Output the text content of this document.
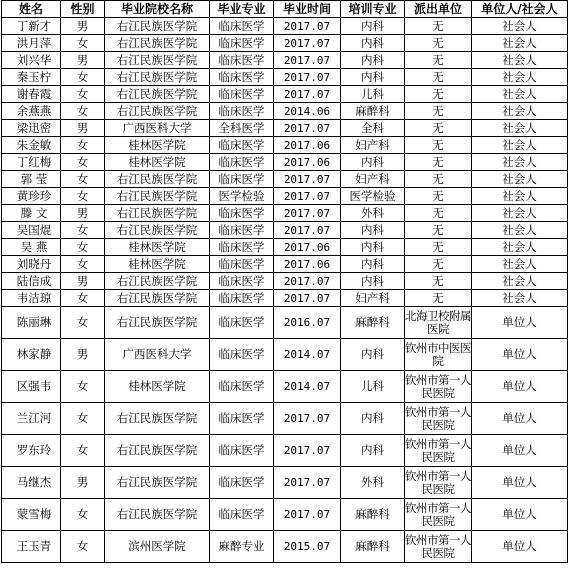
姓名	性别	毕业院校名称	毕业专业	毕业时间	培训专业	派出单位	单位人/社会人
丁新才	男	右江民族医学院	临床医学	2017.07	内科	无	社会人
洪月萍	女	右江民族医学院	临床医学	2017.07	内科	无	社会人
刘兴华	男	右江民族医学院	临床医学	2017.07	内科	无	社会人
秦玉柠	女	右江民族医学院	临床医学	2017.07	内科	无	社会人
谢春霞	女	右江民族医学院	临床医学	2017.07	儿科	无	社会人
余燕燕	女	右江民族医学院	临床医学	2014.06	麻醉科	无	社会人
梁迅密	男	广西医科大学	全科医学	2017.07	全科	无	社会人
朱金敏	女	桂林医学院	临床医学	2017.06	妇产科	无	社会人
丁红梅	女	桂林医学院	临床医学	2017.06	内科	无	社会人
郭 莹	女	右江民族医学院	临床医学	2017.07	妇产科	无	社会人
黄珍珍	女	右江民族医学院	医学检验	2017.07	医学检验	无	社会人
滕 文	男	右江民族医学院	临床医学	2017.07	外科	无	社会人
吴国焜	女	右江民族医学院	临床医学	2017.07	内科	无	社会人
吴 燕	女	桂林医学院	临床医学	2017.06	内科	无	社会人
刘晓丹	女	桂林医学院	临床医学	2017.06	内科	无	社会人
陆信成	男	右江民族医学院	临床医学	2017.07	内科	无	社会人
韦洁琼	女	右江民族医学院	临床医学	2017.07	妇产科	无	社会人
陈丽琳	女	右江民族医学院	临床医学	2016.07	麻醉科	北海卫校附属医院	单位人
林家静	男	广西医科大学	临床医学	2014.07	内科	钦州市中医医院	单位人
区强韦	女	桂林医学院	临床医学	2014.07	儿科	钦州市第一人民医院	单位人
兰江河	女	右江民族医学院	临床医学	2017.07	内科	钦州市第一人民医院	单位人
罗东玲	女	右江民族医学院	临床医学	2017.07	内科	钦州市第一人民医院	单位人
马继杰	男	右江民族医学院	临床医学	2017.07	外科	钦州市第一人民医院	单位人
蒙雪梅	女	右江民族医学院	临床医学	2017.07	麻醉科	钦州市第一人民医院	单位人
王玉青	女	滨州医学院	麻醉专业	2015.07	麻醉科	钦州市第一人民医院	单位人
